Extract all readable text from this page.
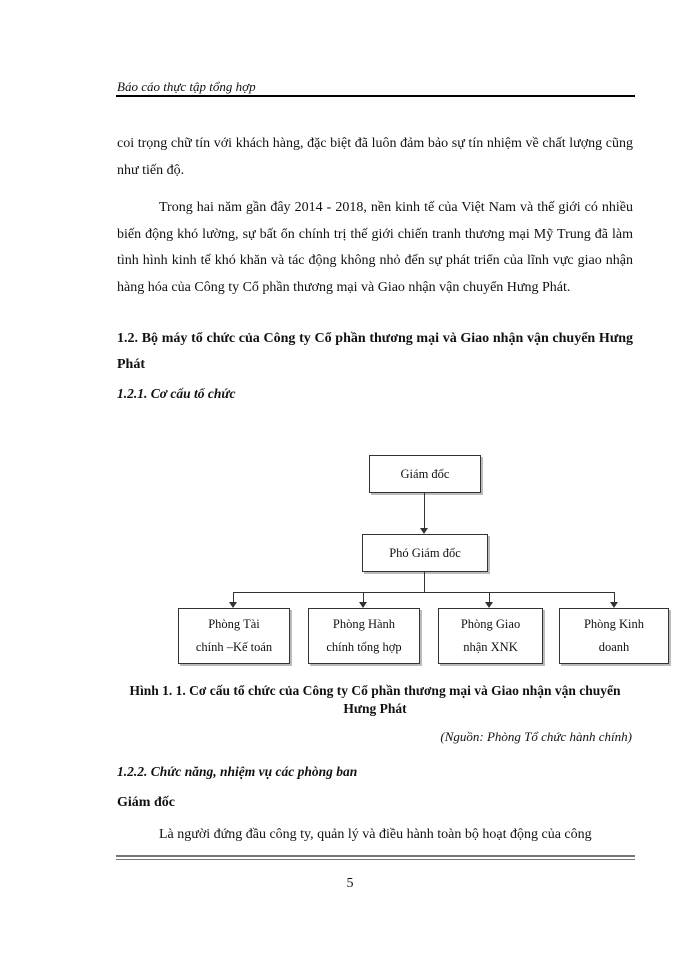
Báo cáo thực tập tổng hợp
coi trọng chữ tín với khách hàng, đặc biệt đã luôn đảm bảo sự tín nhiệm về chất lượng cũng như tiến độ.
Trong hai năm gần đây 2014 - 2018, nền kinh tế của Việt Nam và thế giới có nhiều biến động khó lường, sự bất ổn chính trị thế giới chiến tranh thương mại Mỹ Trung đã làm tình hình kinh tế khó khăn và tác động không nhỏ đến sự phát triển của lĩnh vực giao nhận hàng hóa của Công ty Cổ phần thương mại và Giao nhận vận chuyển Hưng Phát.
1.2. Bộ máy tổ chức của Công ty Cổ phần thương mại và Giao nhận vận chuyển Hưng Phát
1.2.1. Cơ cấu tổ chức
Giám đốc
Phó Giám đốc
Phòng Tài
chính –Kế toán
Phòng Hành
chính tổng hợp
Phòng Giao
nhận XNK
Phòng Kinh
doanh
Hình 1. 1. Cơ cấu tổ chức của Công ty Cổ phần thương mại và Giao nhận vận chuyển Hưng Phát
(Nguồn: Phòng Tổ chức hành chính)
1.2.2. Chức năng, nhiệm vụ các phòng ban
Giám đốc
Là người đứng đầu công ty, quản lý và điều hành toàn bộ hoạt động của công
5
